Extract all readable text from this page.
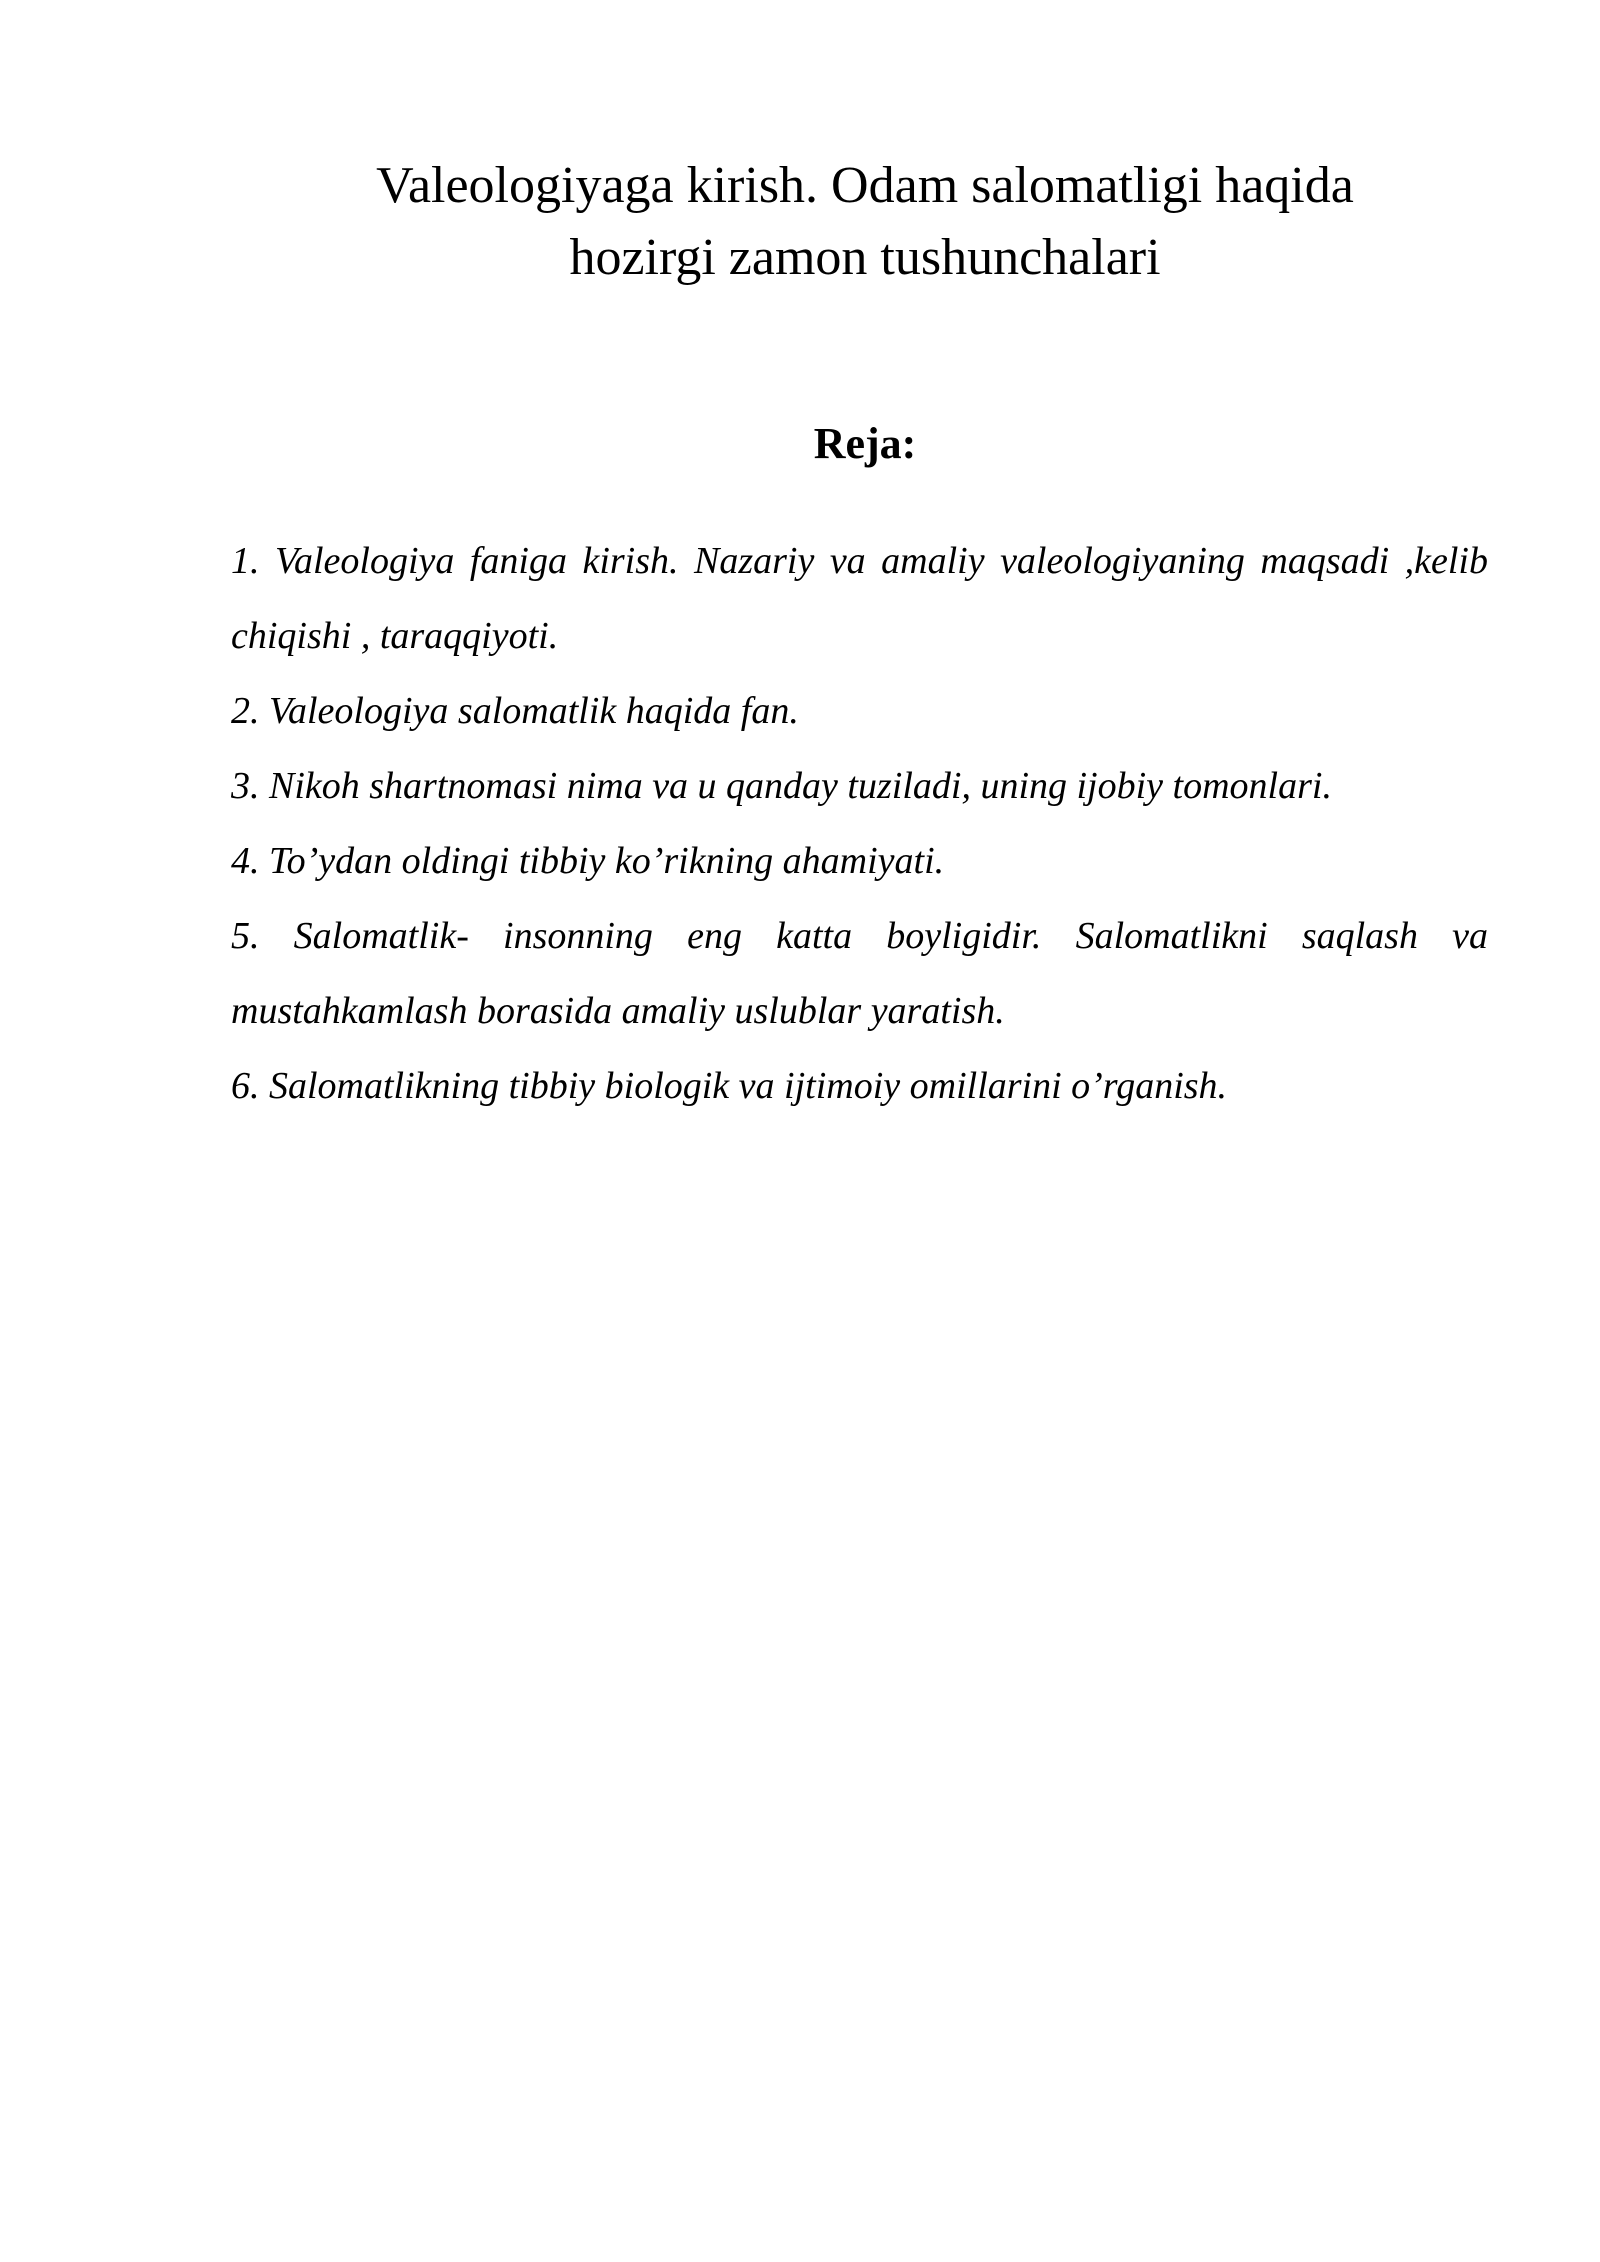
Valeologiyaga kirish. Odam salomatligi haqida
hozirgi zamon tushunchalari
Reja:
1. Valeologiya faniga kirish. Nazariy va amaliy valeologiyaning maqsadi ,kelib chiqishi , taraqqiyoti.
2. Valeologiya salomatlik haqida fan.
3. Nikoh shartnomasi nima va u qanday tuziladi, uning ijobiy tomonlari.
4. To’ydan oldingi tibbiy ko’rikning ahamiyati.
5. Salomatlik- insonning eng katta boyligidir. Salomatlikni saqlash va mustahkamlash borasida amaliy uslublar yaratish.
6. Salomatlikning tibbiy biologik va ijtimoiy omillarini o’rganish.
